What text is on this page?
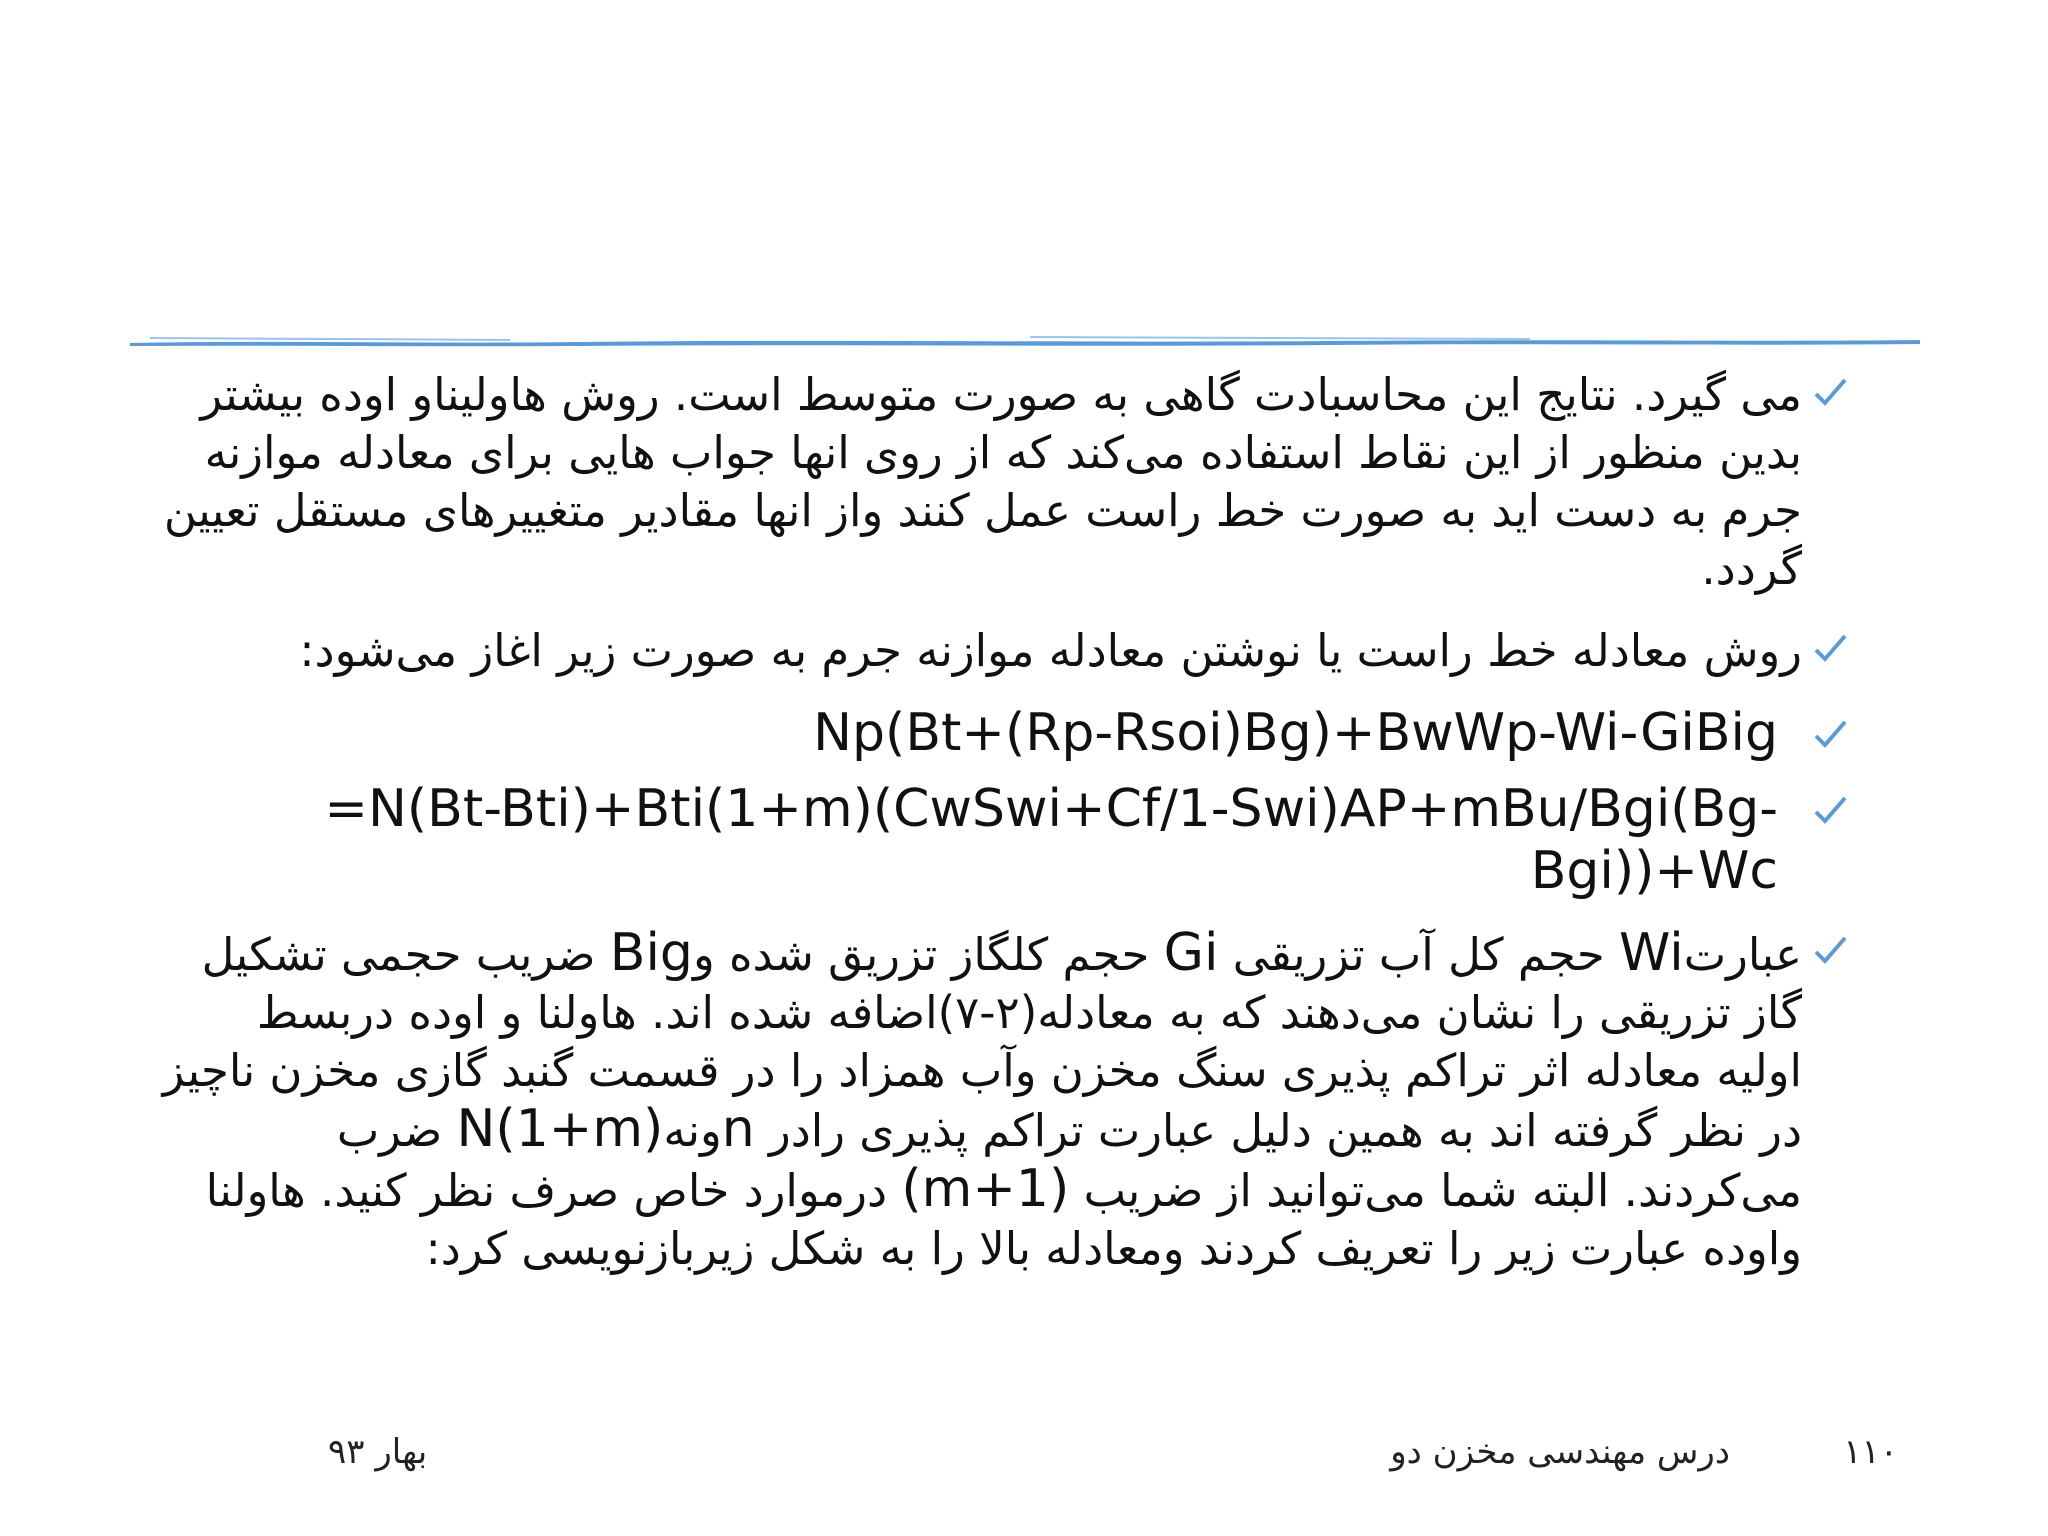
می گیرد. نتایج این محاسبادت گاهی به صورت متوسط است. روش هاولیناو اوده بیشتر بدین منظور از این نقاط استفاده می‌کند که از روی انها جواب هایی برای معادله موازنه جرم به دست اید به صورت خط راست عمل کنند واز انها مقادیر متغییرهای مستقل تعیین گردد.
روش معادله خط راست یا نوشتن معادله موازنه جرم به صورت زیر اغاز می‌شود:
Np(Bt+(Rp-Rsoi)Bg)+BwWp-Wi-GiBig
=N(Bt-Bti)+Bti(1+m)(CwSwi+Cf/1-Swi)AP+mBu/Bgi(Bg-Bgi))+Wc
عبارتWi حجم کل آب تزریقی Gi حجم کلگاز تزریق شده وBig ضریب حجمی تشکیل گاز تزریقی را نشان می‌دهند که به معادله(۲-۷)اضافه شده اند. هاولنا و اوده دربسط اولیه معادله اثر تراکم پذیری سنگ مخزن وآب همزاد را در قسمت گنبد گازی مخزن ناچیز در نظر گرفته اند به همین دلیل عبارت تراکم پذیری رادر nونهN(1+m) ضرب می‌کردند. البته شما می‌توانید از ضریب (1+m) درموارد خاص صرف نظر کنید. هاولنا واوده عبارت زیر را تعریف کردند ومعادله بالا را به شکل زیربازنویسی کرد:
۱۱۰
درس مهندسی مخزن دو
بهار ۹۳
